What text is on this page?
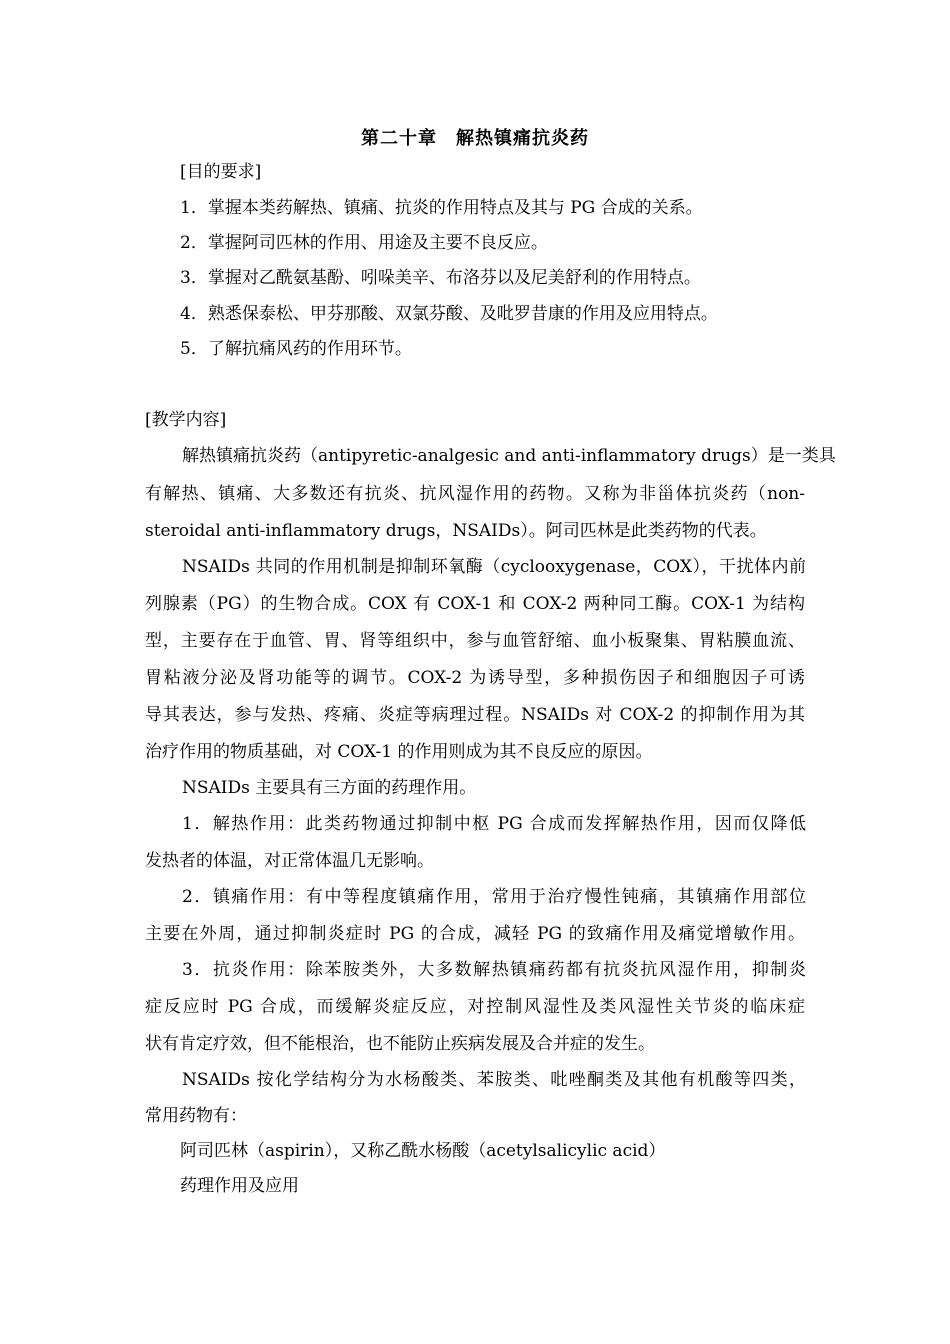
第二十章　解热镇痛抗炎药
[目的要求]
1．掌握本类药解热、镇痛、抗炎的作用特点及其与 PG 合成的关系。
2．掌握阿司匹林的作用、用途及主要不良反应。
3．掌握对乙酰氨基酚、吲哚美辛、布洛芬以及尼美舒利的作用特点。
4．熟悉保泰松、甲芬那酸、双氯芬酸、及吡罗昔康的作用及应用特点。
5．了解抗痛风药的作用环节。
[教学内容]
解热镇痛抗炎药（antipyretic-analgesic and anti-inflammatory drugs）是一类具
有解热、镇痛、大多数还有抗炎、抗风湿作用的药物。又称为非甾体抗炎药（non-
steroidal anti-inflammatory drugs，NSAIDs）。阿司匹林是此类药物的代表。
NSAIDs 共同的作用机制是抑制环氧酶（cyclooxygenase，COX），干扰体内前
列腺素（PG）的生物合成。COX 有 COX-1 和 COX-2 两种同工酶。COX-1 为结构
型，主要存在于血管、胃、肾等组织中，参与血管舒缩、血小板聚集、胃粘膜血流、
胃粘液分泌及肾功能等的调节。COX-2 为诱导型，多种损伤因子和细胞因子可诱
导其表达，参与发热、疼痛、炎症等病理过程。NSAIDs 对 COX-2 的抑制作用为其
治疗作用的物质基础，对 COX-1 的作用则成为其不良反应的原因。
NSAIDs 主要具有三方面的药理作用。
1．解热作用：此类药物通过抑制中枢 PG 合成而发挥解热作用，因而仅降低
发热者的体温，对正常体温几无影响。
2．镇痛作用：有中等程度镇痛作用，常用于治疗慢性钝痛，其镇痛作用部位
主要在外周，通过抑制炎症时 PG 的合成，减轻 PG 的致痛作用及痛觉增敏作用。
3．抗炎作用：除苯胺类外，大多数解热镇痛药都有抗炎抗风湿作用，抑制炎
症反应时 PG 合成，而缓解炎症反应，对控制风湿性及类风湿性关节炎的临床症
状有肯定疗效，但不能根治，也不能防止疾病发展及合并症的发生。
NSAIDs 按化学结构分为水杨酸类、苯胺类、吡唑酮类及其他有机酸等四类，
常用药物有：
阿司匹林（aspirin），又称乙酰水杨酸（acetylsalicylic acid）
药理作用及应用
